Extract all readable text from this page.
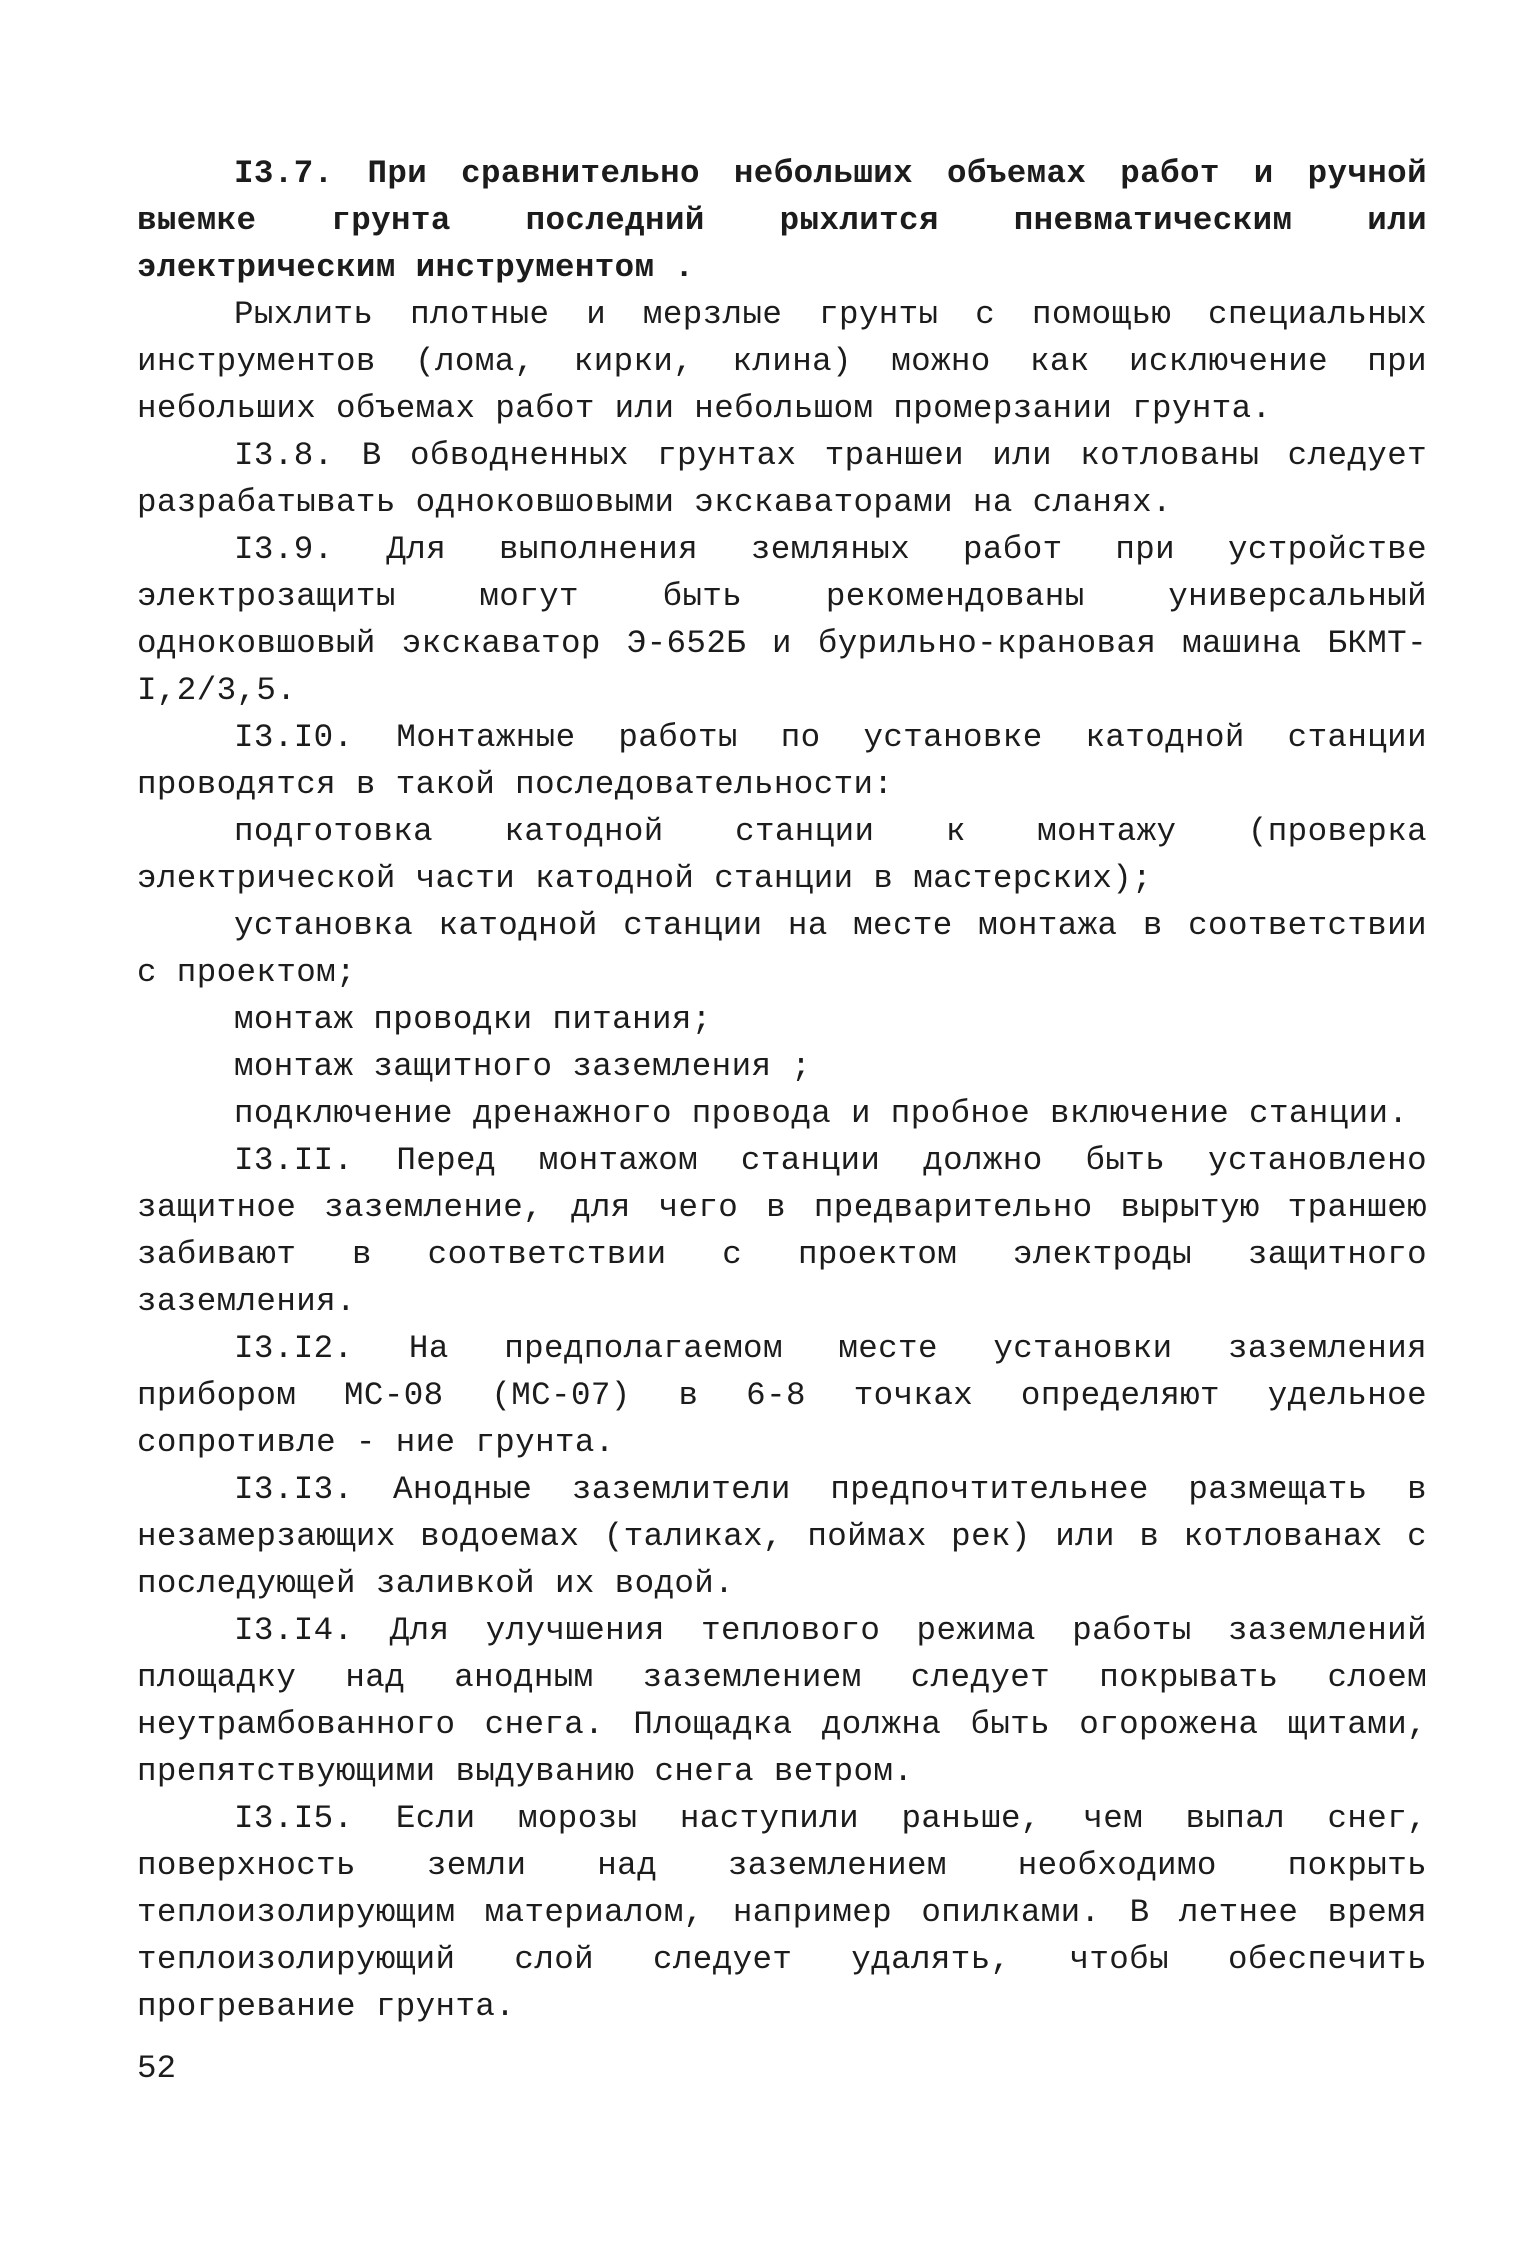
I3.7. При сравнительно небольших объемах работ и ручной выемке грунта последний рыхлится пневматическим или электрическим инструментом .

Рыхлить плотные и мерзлые грунты с помощью специальных инструментов (лома, кирки, клина) можно как исключение при небольших объемах работ или небольшом промерзании грунта.

I3.8. В обводненных грунтах траншеи или котлованы следует разрабатывать одноковшовыми экскаваторами на сланях.

I3.9. Для выполнения земляных работ при устройстве электрозащиты могут быть рекомендованы универсальный одноковшовый экскаватор Э-652Б и бурильно-крановая машина БКМТ-I,2/3,5.

I3.I0. Монтажные работы по установке катодной станции проводятся в такой последовательности:

подготовка катодной станции к монтажу (проверка электрической части катодной станции в мастерских);

установка катодной станции на месте монтажа в соответствии с проектом;

монтаж проводки питания;

монтаж защитного заземления ;

подключение дренажного провода и пробное включение станции.

I3.II. Перед монтажом станции должно быть установлено защитное заземление, для чего в предварительно вырытую траншею забивают в соответствии с проектом электроды защитного заземления.

I3.I2. На предполагаемом месте установки заземления прибором МС-08 (МС-07) в 6-8 точках определяют удельное сопротивле - ние грунта.

I3.I3. Анодные заземлители предпочтительнее размещать в незамерзающих водоемах (таликах, поймах рек) или в котлованах с последующей заливкой их водой.

I3.I4. Для улучшения теплового режима работы заземлений площадку над анодным заземлением следует покрывать слоем неутрамбованного снега. Площадка должна быть огорожена щитами, препятствующими выдуванию снега ветром.

I3.I5. Если морозы наступили раньше, чем выпал снег, поверхность земли над заземлением необходимо покрыть теплоизолирующим материалом, например опилками. В летнее время теплоизолирующий слой следует удалять, чтобы обеспечить прогревание грунта.

52
